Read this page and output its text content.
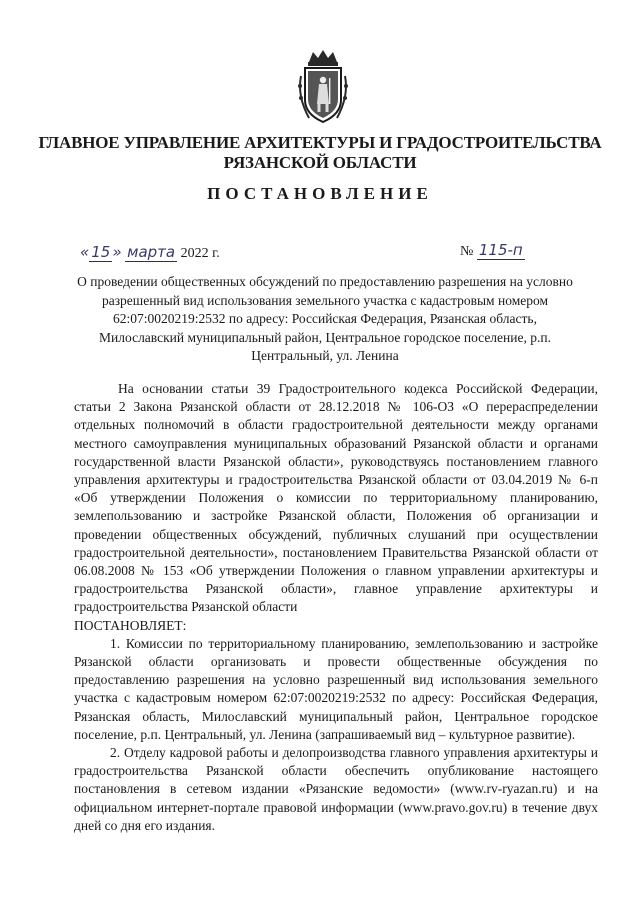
ГЛАВНОЕ УПРАВЛЕНИЕ АРХИТЕКТУРЫ И ГРАДОСТРОИТЕЛЬСТВА
РЯЗАНСКОЙ ОБЛАСТИ
ПОСТАНОВЛЕНИЕ
« 15 » марта 2022 г.	№ 115-п
О проведении общественных обсуждений по предоставлению разрешения на условно разрешенный вид использования земельного участка с кадастровым номером 62:07:0020219:2532 по адресу: Российская Федерация, Рязанская область, Милославский муниципальный район, Центральное городское поселение, р.п. Центральный, ул. Ленина

На основании статьи 39 Градостроительного кодекса Российской Федерации, статьи 2 Закона Рязанской области от 28.12.2018 № 106-ОЗ «О перераспределении отдельных полномочий в области градостроительной деятельности между органами местного самоуправления муниципальных образований Рязанской области и органами государственной власти Рязанской области», руководствуясь постановлением главного управления архитектуры и градостроительства Рязанской области от 03.04.2019 № 6-п «Об утверждении Положения о комиссии по территориальному планированию, землепользованию и застройке Рязанской области, Положения об организации и проведении общественных обсуждений, публичных слушаний при осуществлении градостроительной деятельности», постановлением Правительства Рязанской области от 06.08.2008 № 153 «Об утверждении Положения о главном управлении архитектуры и градостроительства Рязанской области», главное управление архитектуры и градостроительства Рязанской области

ПОСТАНОВЛЯЕТ:

1. Комиссии по территориальному планированию, землепользованию и застройке Рязанской области организовать и провести общественные обсуждения по предоставлению разрешения на условно разрешенный вид использования земельного участка с кадастровым номером 62:07:0020219:2532 по адресу: Российская Федерация, Рязанская область, Милославский муниципальный район, Центральное городское поселение, р.п. Центральный, ул. Ленина (запрашиваемый вид – культурное развитие).

2. Отделу кадровой работы и делопроизводства главного управления архитектуры и градостроительства Рязанской области обеспечить опубликование настоящего постановления в сетевом издании «Рязанские ведомости» (www.rv-ryazan.ru) и на официальном интернет-портале правовой информации (www.pravo.gov.ru) в течение двух дней со дня его издания.
